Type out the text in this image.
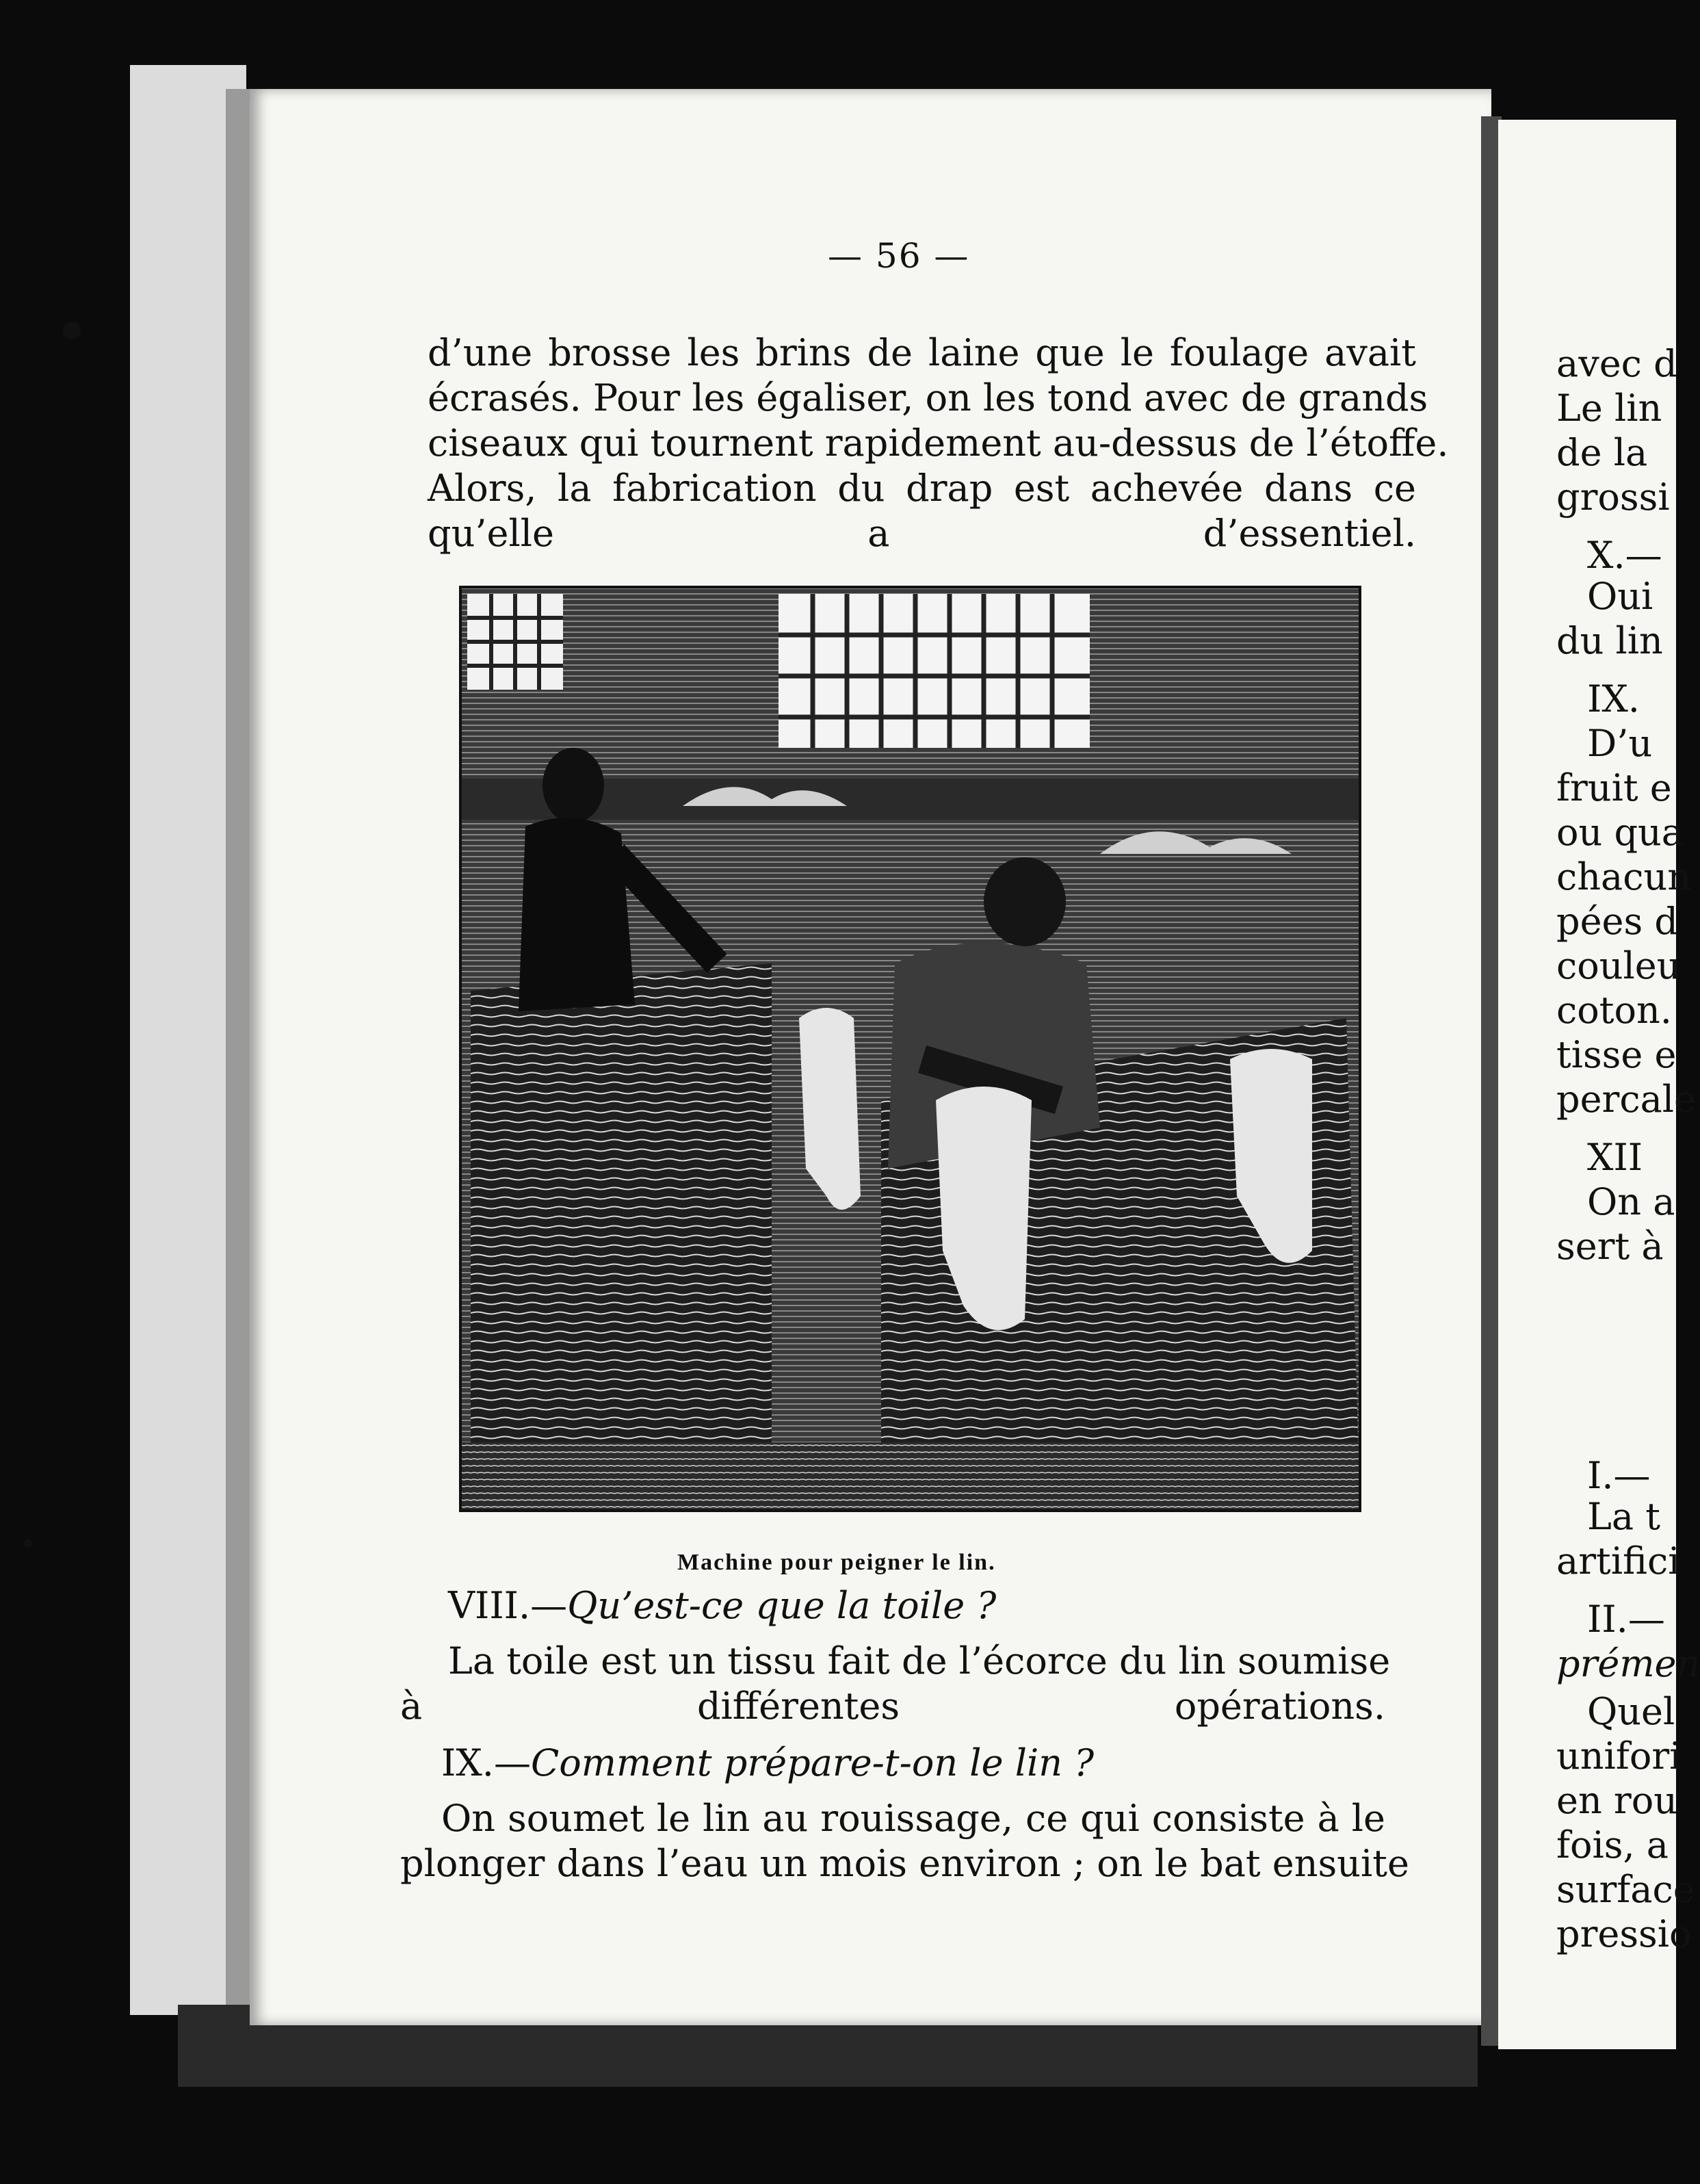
— 56 —
d’une brosse les brins de laine que le foulage avait
écrasés. Pour les égaliser, on les tond avec de grands
ciseaux qui tournent rapidement au-dessus de l’étoffe.
Alors, la fabrication du drap est achevée dans ce
qu’elle a d’essentiel.
Machine pour peigner le lin.
VIII.—Qu’est-ce que la toile ?
La toile est un tissu fait de l’écorce du lin soumise
à différentes opérations.
IX.—Comment prépare-t-on le lin ?
On soumet le lin au rouissage, ce qui consiste à le
plonger dans l’eau un mois environ ; on le bat ensuite
avec d
Le lin
de la
grossi
X.—
Oui
du lin
IX.
D’u
fruit e
ou qua
chacun
pées d
couleu
coton.
tisse e
percale
XII
On a
sert à
I.—
La t
artifici
II.—
prémen
Quel
unifori
en rou
fois, a
surface
pressio
